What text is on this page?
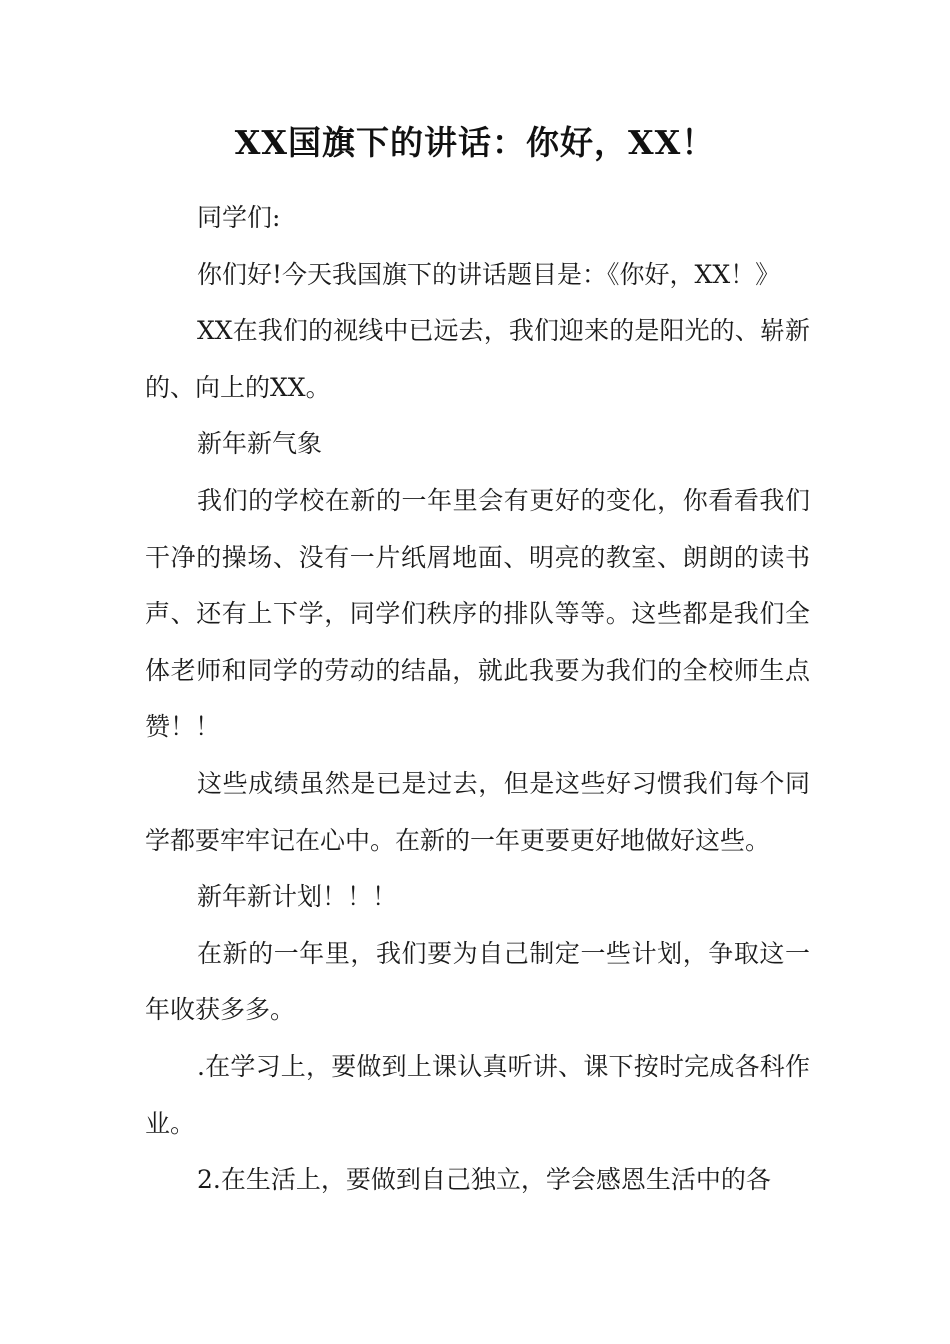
XX国旗下的讲话：你好，XX！

同学们:

你们好!今天我国旗下的讲话题目是：《你好，XX！》

XX在我们的视线中已远去，我们迎来的是阳光的、崭新的、向上的XX。

新年新气象

我们的学校在新的一年里会有更好的变化，你看看我们干净的操场、没有一片纸屑地面、明亮的教室、朗朗的读书声、还有上下学，同学们秩序的排队等等。这些都是我们全体老师和同学的劳动的结晶，就此我要为我们的全校师生点赞！！

这些成绩虽然是已是过去，但是这些好习惯我们每个同学都要牢牢记在心中。在新的一年更要更好地做好这些。

新年新计划！！！

在新的一年里，我们要为自己制定一些计划，争取这一年收获多多。

.在学习上，要做到上课认真听讲、课下按时完成各科作业。

2.在生活上，要做到自己独立，学会感恩生活中的各
